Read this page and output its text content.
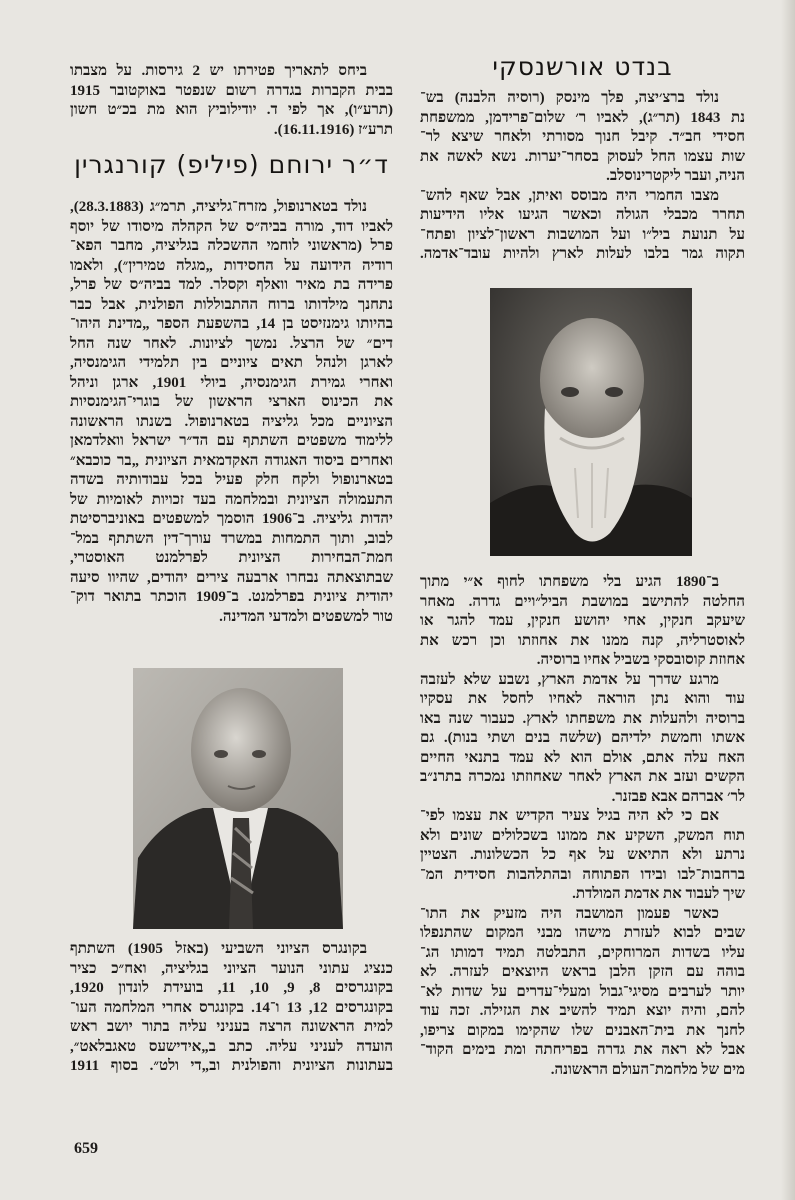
בנדט אורשנסקי
נולד ברצ׳יצה, פלך מינסק (רוסיה הלבנה) בש־
נת 1843 (תר״ג), לאביו ר׳ שלום־פרידמן, ממשפחת
חסידי חב״ד. קיבל חנוך מסורתי ולאחר שיצא לר־
שות עצמו החל לעסוק בסחר־יערות. נשא לאשה את
הניה, ועבר ליקטרינוסלב.
מצבו החמרי היה מבוסס ואיתן, אבל שאף להש־
תחרר מכבלי הגולה וכאשר הגיעו אליו הידיעות
על תנועת ביל״ו ועל המושבות ראשון־לציון ופתח־
תקוה גמר בלבו לעלות לארץ ולהיות עובד־אדמה.
ב־1890 הגיע בלי משפחתו לחוף א״י מתוך
החלטה להתישב במושבת הביל״ויים גדרה. מאחר
שיעקב חנקין, אחי יהושע חנקין, עמד להגר או
לאוסטרליה, קנה ממנו את אחוזתו וכן רכש את
אחוזת קוסובסקי בשביל אחיו ברוסיה.
מרגע שדרך על אדמת הארץ, נשבע שלא לעזבה
עוד והוא נתן הוראה לאחיו לחסל את עסקיו
ברוסיה ולהעלות את משפחתו לארץ. כעבור שנה באו
אשתו וחמשת ילדיהם (שלשה בנים ושתי בנות). גם
האח עלה אתם, אולם הוא לא עמד בתנאי החיים
הקשים ועזב את הארץ לאחר שאחוזתו נמכרה בתרנ״ב
לר׳ אברהם אבא פבזנר.
אם כי לא היה בגיל צעיר הקדיש את עצמו לפי־
תוח המשק, השקיע את ממונו בשכלולים שונים ולא
נרתע ולא התיאש על אף כל הכשלונות. הצטיין
ברחבות־לבו ובידו הפתוחה ובהתלהבות חסידית המ־
שיך לעבוד את אדמת המולדת.
כאשר פעמון המושבה היה מזעיק את התו־
שבים לבוא לעזרת מישהו מבני המקום שהתנפלו
עליו בשדות המרוחקים, התבלטה תמיד דמותו הג־
בוהה עם הזקן הלבן בראש היוצאים לעזרה. לא
יותר לערבים מסיגי־גבול ומעלי־עדרים על שדות לא־
להם, והיה יוצא תמיד להשיב את הגזילה. זכה עוד
לחנך את בית־האבנים שלו שהקימו במקום צריפו,
אבל לא ראה את גדרה בפריחתה ומת בימים הקוד־
מים של מלחמת־העולם הראשונה.
ביחס לתאריך פטירתו יש 2 גירסות. על מצבתו
בבית הקברות בגדרה רשום שנפטר באוקטובר 1915
(תרע״ו), אך לפי ד. יודילוביץ הוא מת בכ״ט חשון
תרע״ז (16.11.1916).
ד״ר ירוחם (פיליפ) קורנגרין
נולד בטארנופול, מזרח־גליציה, תרמ״ג (28.3.1883),
לאביו דוד, מורה בביה״ס של הקהלה מיסודו של יוסף
פרל (מראשוני לוחמי ההשכלה בגליציה, מחבר הפא־
רודיה הידועה על החסידות „מגלה טמירין״), ולאמו
פרידה בת מאיר וואלף וקסלר. למד בביה״ס של פרל,
נתחנך מילדותו ברוח ההתבוללות הפולנית, אבל כבר
בהיותו גימנזיסט בן 14, בהשפעת הספר „מדינת היהו־
דים״ של הרצל. נמשך לציונות. לאחר שנה החל
לארגן ולנהל תאים ציוניים בין תלמידי הגימנסיה,
ואחרי גמירת הגימנסיה, ביולי 1901, ארגן וניהל
את הכינוס הארצי הראשון של בוגרי־הגימנסיות
הציוניים מכל גליציה בטארנופול. בשנתו הראשונה
ללימוד משפטים השתתף עם הד״ר ישראל וואלדמאן
ואחרים ביסוד האגודה האקדמאית הציונית „בר כוכבא״
בטארנופול ולקח חלק פעיל בכל עבודותיה בשדה
התעמולה הציונית ובמלחמה בעד זכויות לאומיות של
יהדות גליציה. ב־1906 הוסמך למשפטים באוניברסיטת
לבוב, ותוך התמחות במשרד עורך־דין השתתף במל־
חמת־הבחירות הציונית לפרלמנט האוסטרי,
שבתוצאתה נבחרו ארבעה צירים יהודים, שהיוו סיעה
יהודית ציונית בפרלמנט. ב־1909 הוכתר בתואר דוק־
טור למשפטים ולמדעי המדינה.
בקונגרס הציוני השביעי (באזל 1905) השתתף
כנציג עתוני הנוער הציוני בגליציה, ואח״כ כציר
בקונגרסים 8, 9, 10, 11, בועידת לונדון 1920,
בקונגרסים 12, 13 ו־14. בקונגרס אחרי המלחמה העו־
למית הראשונה הרצה בעניני עליה בתור יושב ראש
הועדה לעניני עליה. כתב ב„אידישעס טאגבלאט״,
בעתונות הציונית והפולנית וב„די ולט״. בסוף 1911
659
